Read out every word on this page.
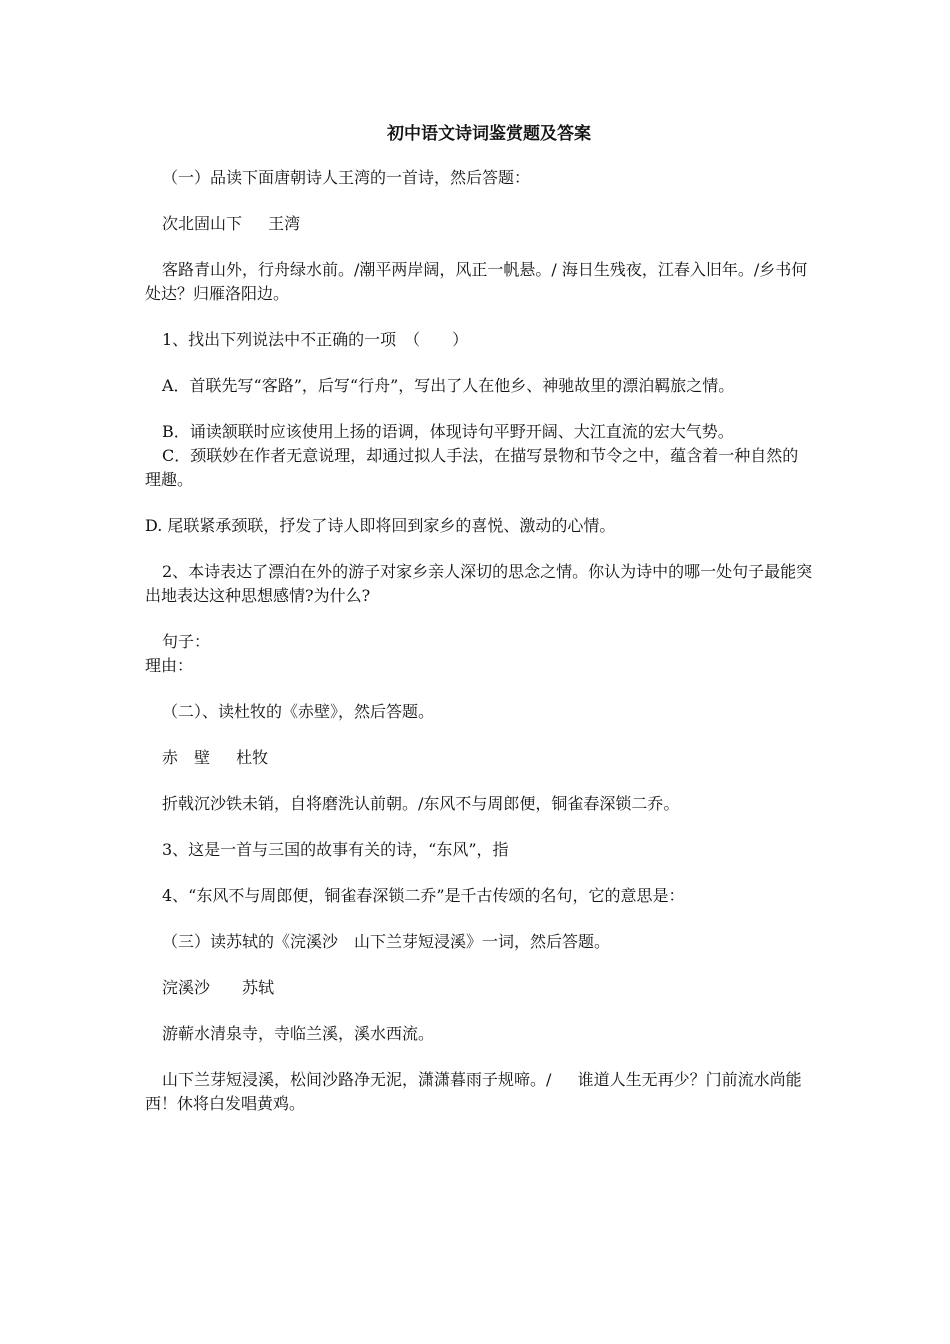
初中语文诗词鉴赏题及答案
（一）品读下面唐朝诗人王湾的一首诗，然后答题：
次北固山下　  王湾
客路青山外，行舟绿水前。/潮平两岸阔，风正一帆悬。/ 海日生残夜，江春入旧年。/乡书何处达？归雁洛阳边。
1、找出下列说法中不正确的一项　（　　）
A．首联先写“客路”，后写“行舟”，写出了人在他乡、神驰故里的漂泊羁旅之情。
B．诵读颔联时应该使用上扬的语调，体现诗句平野开阔、大江直流的宏大气势。
C．颈联妙在作者无意说理，却通过拟人手法，在描写景物和节令之中，蕴含着一种自然的理趣。
D. 尾联紧承颈联，抒发了诗人即将回到家乡的喜悦、激动的心情。
2、本诗表达了漂泊在外的游子对家乡亲人深切的思念之情。你认为诗中的哪一处句子最能突出地表达这种思想感情?为什么?
句子：
理由：
（二）、读杜牧的《赤壁》，然后答题。
赤　壁　  杜牧
折戟沉沙铁未销，自将磨洗认前朝。/东风不与周郎便，铜雀春深锁二乔。
3、这是一首与三国的故事有关的诗，“东风”，指
4、“东风不与周郎便，铜雀春深锁二乔”是千古传颂的名句，它的意思是：
（三）读苏轼的《浣溪沙　山下兰芽短浸溪》一词，然后答题。
浣溪沙　　苏轼
游蕲水清泉寺，寺临兰溪，溪水西流。
山下兰芽短浸溪，松间沙路净无泥，潇潇暮雨子规啼。/　  谁道人生无再少？门前流水尚能西！休将白发唱黄鸡。
